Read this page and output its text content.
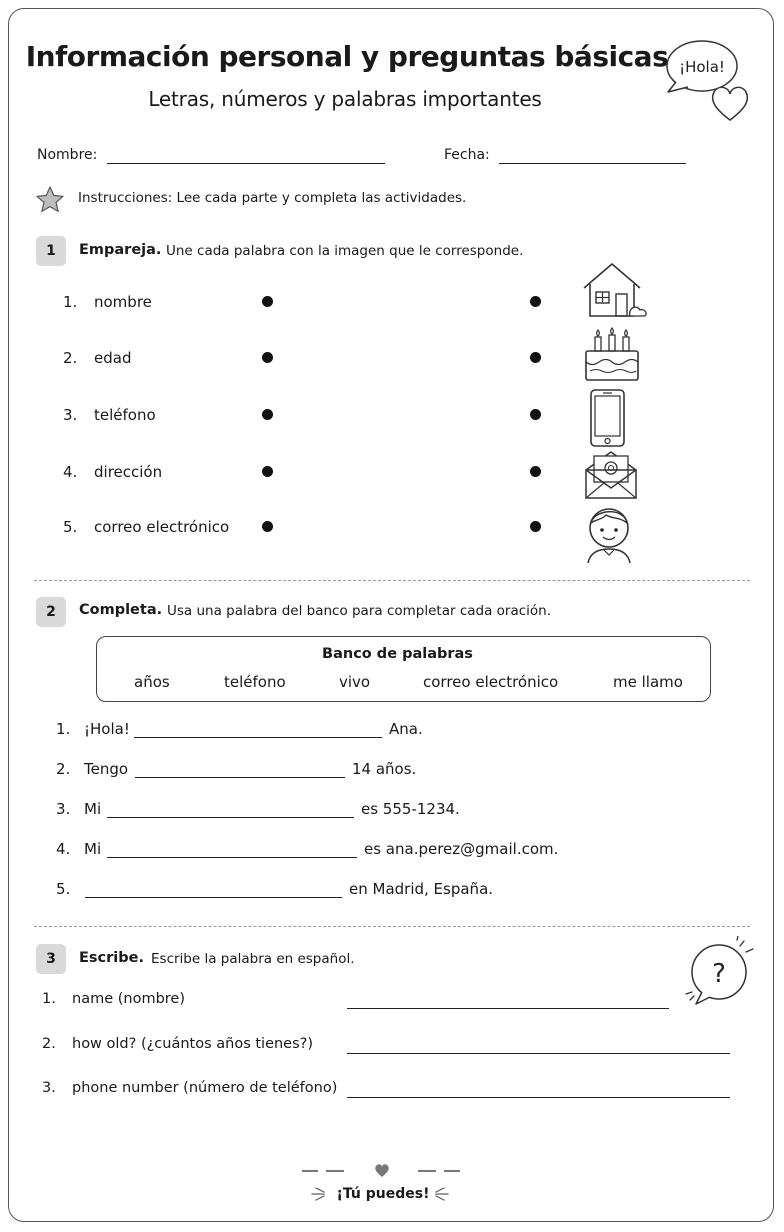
Información personal y preguntas básicas
Letras, números y palabras importantes
¡Hola!
Nombre:	Fecha:
Instrucciones: Lee cada parte y completa las actividades.
1	Empareja. Une cada palabra con la imagen que le corresponde.
1. nombre
2. edad
3. teléfono
4. dirección
5. correo electrónico
2	Completa. Usa una palabra del banco para completar cada oración.
Banco de palabras
años	teléfono	vivo	correo electrónico	me llamo
1. ¡Hola!	Ana.
2. Tengo	14 años.
3. Mi	es 555-1234.
4. Mi	es ana.perez@gmail.com.
5.	en Madrid, España.
3	Escribe. Escribe la palabra en español.	?
1. name (nombre)
2. how old? (¿cuántos años tienes?)
3. phone number (número de teléfono)
¡Tú puedes!
